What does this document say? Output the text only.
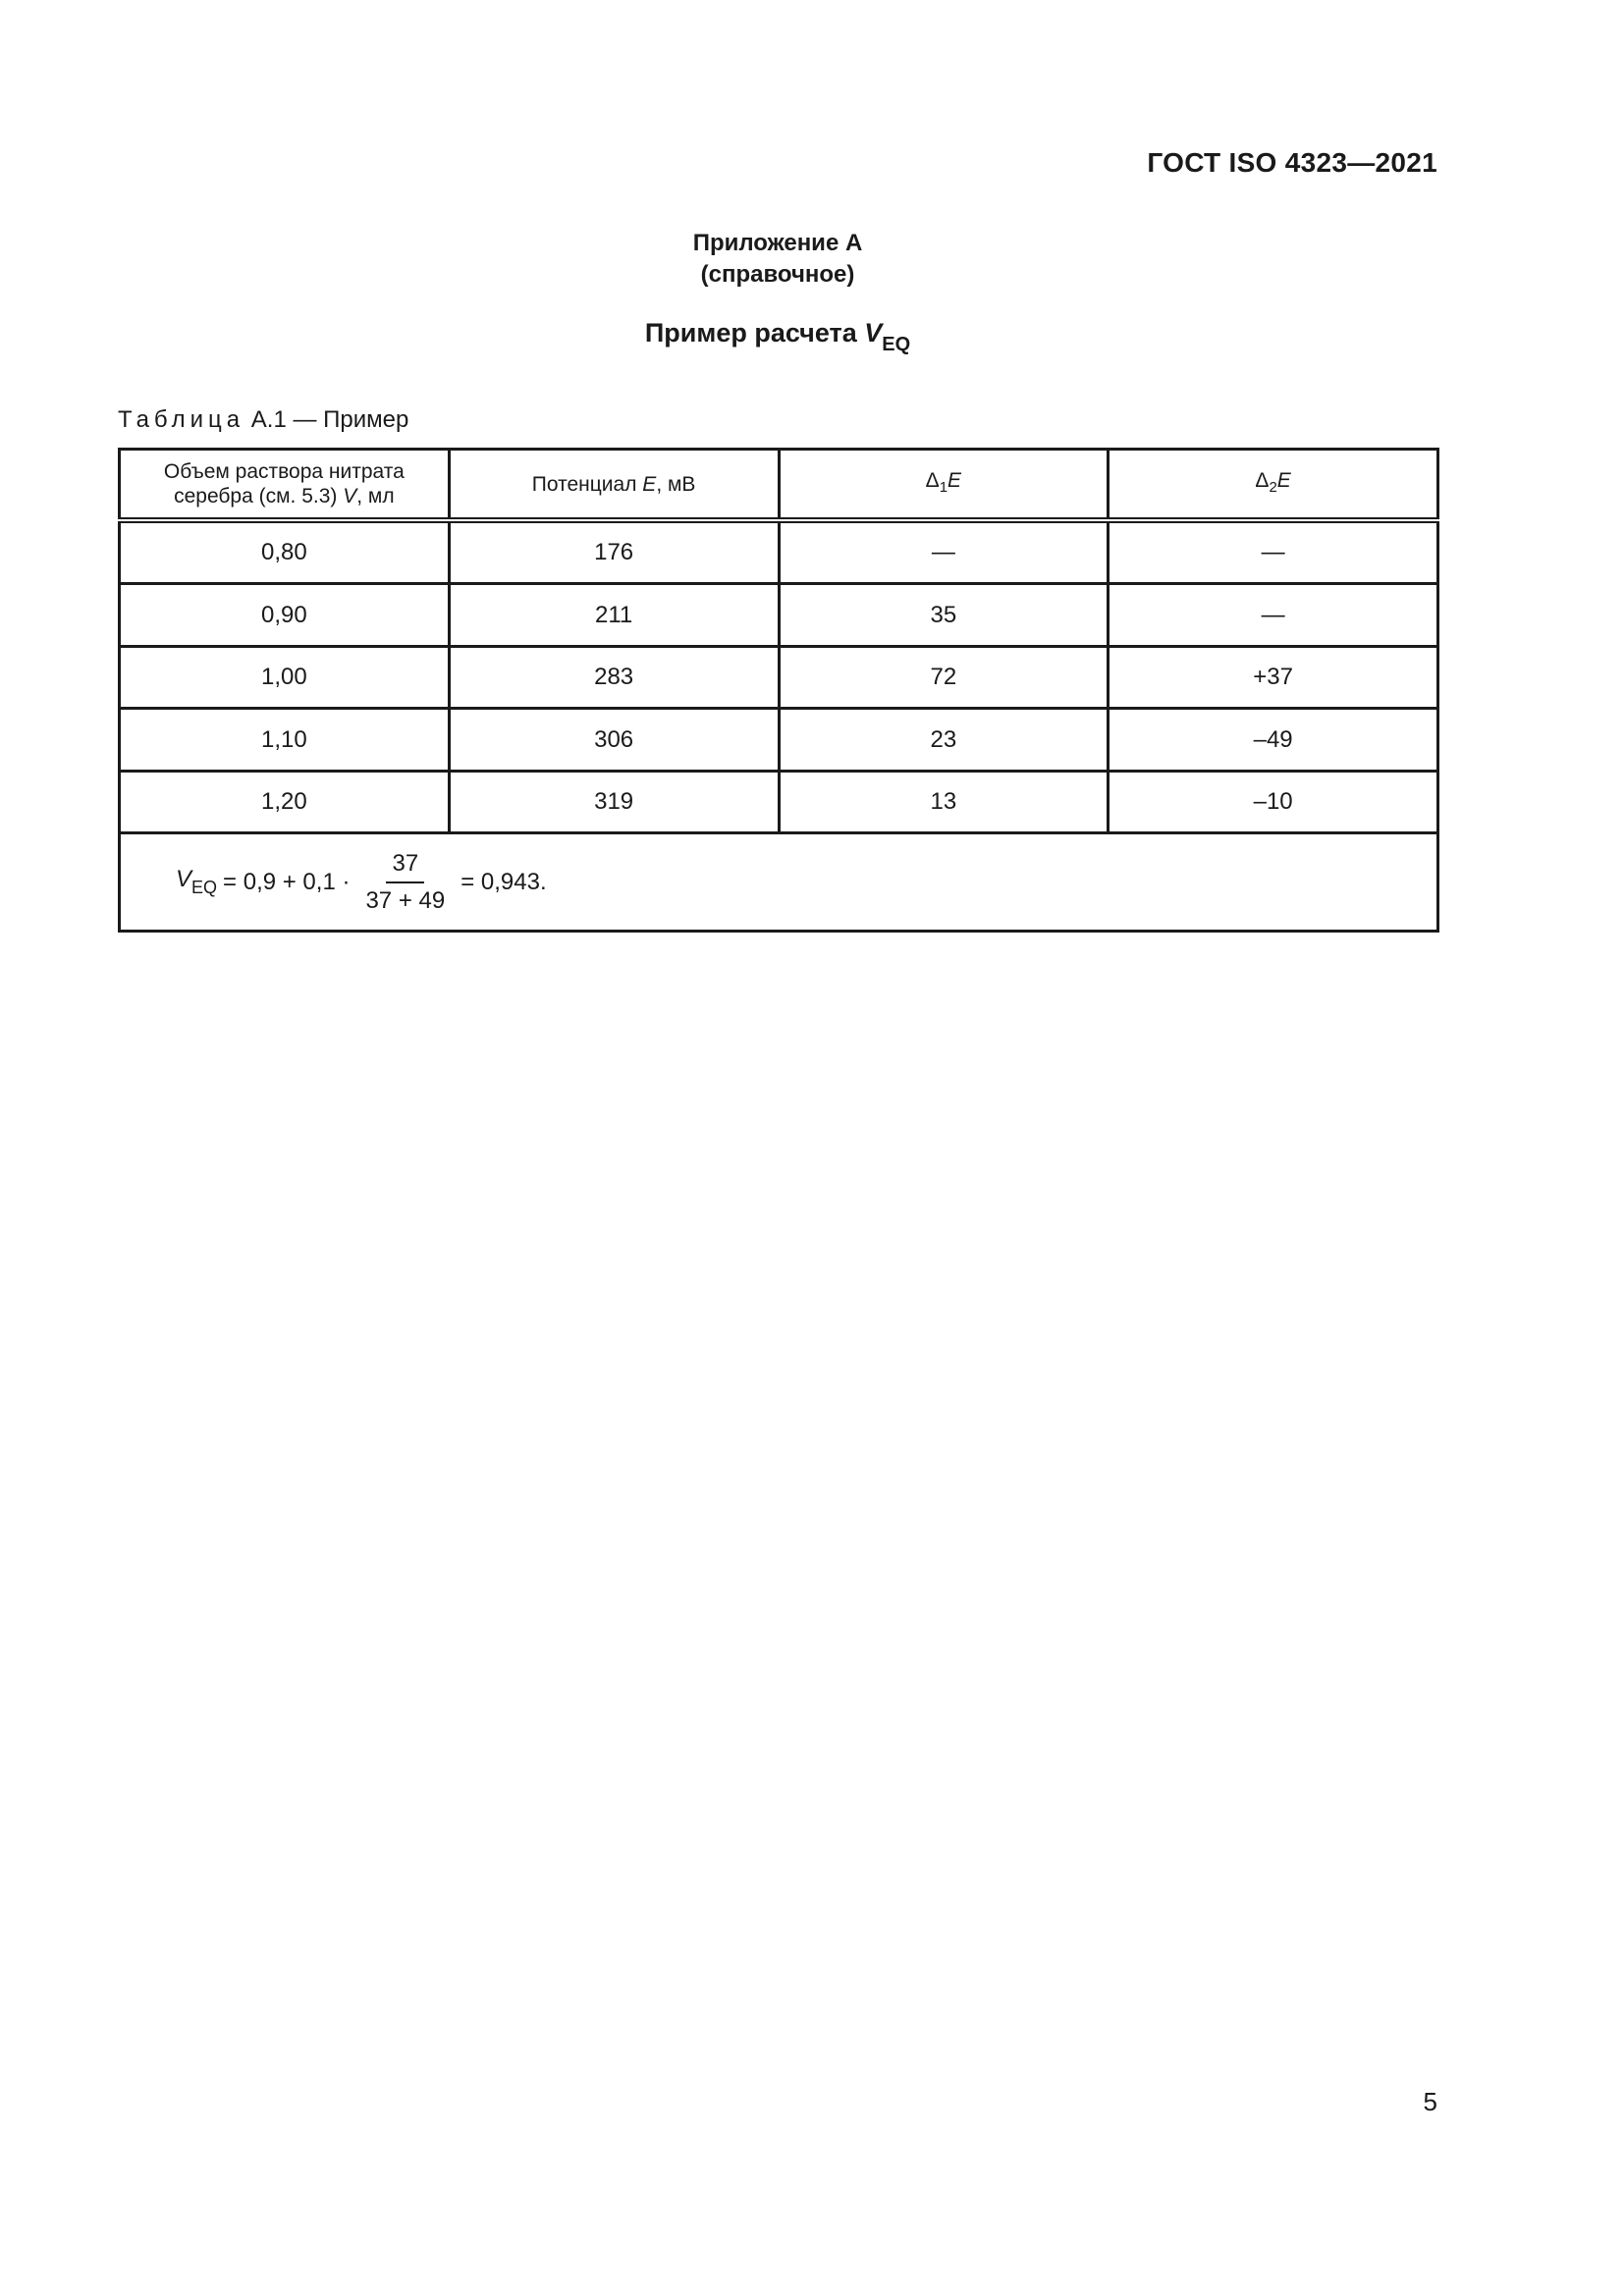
ГОСТ ISO 4323—2021
Приложение А
(справочное)
Пример расчета $V_{EQ}$
Таблица А.1 — Пример
Объем раствора нитрата
серебра (см. 5.3) V, мл	Потенциал E, мВ	$\Delta_1E$	$\Delta_2E$
0,80	176	—	—
0,90	211	35	—
1,00	283	72	+37
1,10	306	23	–49
1,20	319	13	–10

$V_{EQ} = 0,9 + 0,1 \cdot \frac{37}{37 + 49} = 0,943$.			
5
